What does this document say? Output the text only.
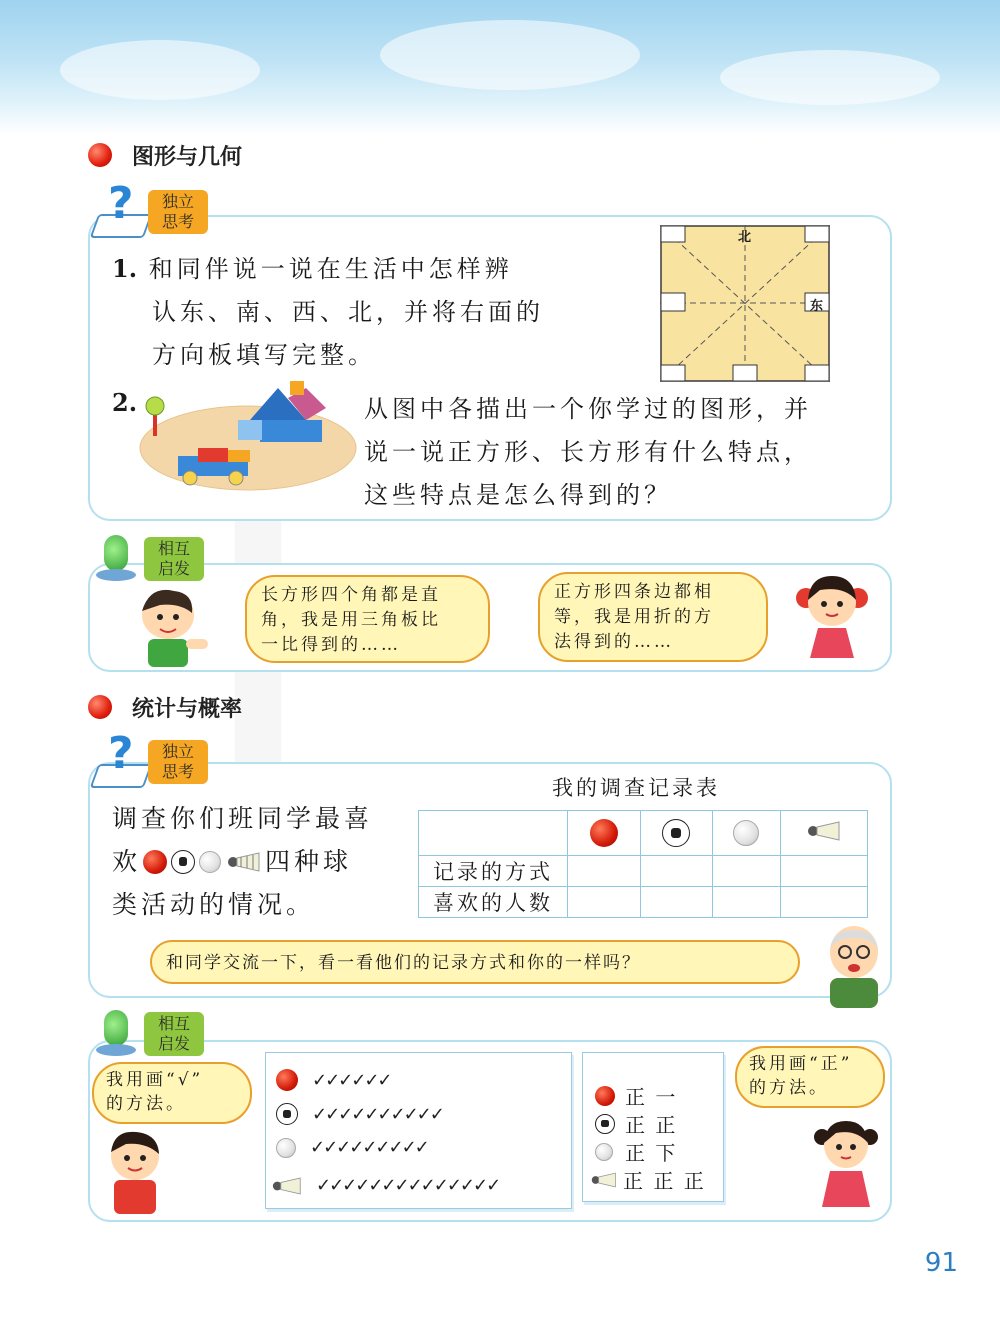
图形与几何
?	独立
思考
1. 和同伴说一说在生活中怎样辨
认东、南、西、北，并将右面的
方向板填写完整。
北
东
2.	从图中各描出一个你学过的图形，并
说一说正方形、长方形有什么特点，
这些特点是怎么得到的？
相互
启发
长方形四个角都是直
角，我是用三角板比
一比得到的……
正方形四条边都相
等，我是用折的方
法得到的……
统计与概率
?	独立
思考
调查你们班同学最喜
欢	四种球
类活动的情况。
我的调查记录表

记录的方式				
喜欢的人数				
和同学交流一下，看一看他们的记录方式和你的一样吗？
相互
启发
我用画“√”
的方法。
✓✓✓✓✓✓
✓✓✓✓✓✓✓✓✓✓
✓✓✓✓✓✓✓✓✓
✓✓✓✓✓✓✓✓✓✓✓✓✓✓
正 一
正 正
正 下
正 正 正
我用画“正”
的方法。
91
